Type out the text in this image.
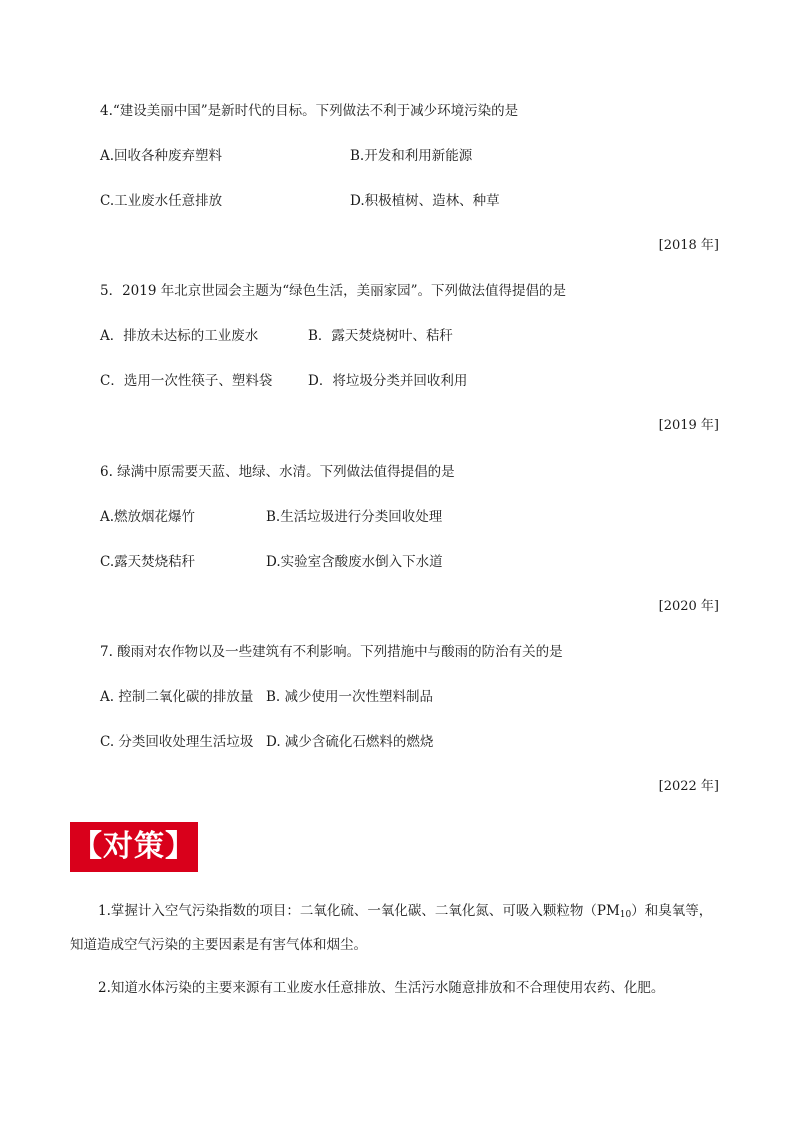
4.“建设美丽中国”是新时代的目标。下列做法不利于减少环境污染的是
A.回收各种废弃塑料	B.开发和利用新能源
C.工业废水任意排放	D.积极植树、造林、种草
[2018 年]
5．2019 年北京世园会主题为“绿色生活，美丽家园”。下列做法值得提倡的是
A．排放未达标的工业废水	B．露天焚烧树叶、秸秆
C．选用一次性筷子、塑料袋	D．将垃圾分类并回收利用
[2019 年]
6. 绿满中原需要天蓝、地绿、水清。下列做法值得提倡的是
A.燃放烟花爆竹	B.生活垃圾进行分类回收处理
C.露天焚烧秸秆	D.实验室含酸废水倒入下水道
[2020 年]
7. 酸雨对农作物以及一些建筑有不利影响。下列措施中与酸雨的防治有关的是
A. 控制二氧化碳的排放量 B. 减少使用一次性塑料制品
C. 分类回收处理生活垃圾 D. 减少含硫化石燃料的燃烧
[2022 年]
【对策】
1.掌握计入空气污染指数的项目：二氧化硫、一氧化碳、二氧化氮、可吸入颗粒物$(PM_{10})$和臭氧等，知道造成空气污染的主要因素是有害气体和烟尘。
2.知道水体污染的主要来源有工业废水任意排放、生活污水随意排放和不合理使用农药、化肥。
